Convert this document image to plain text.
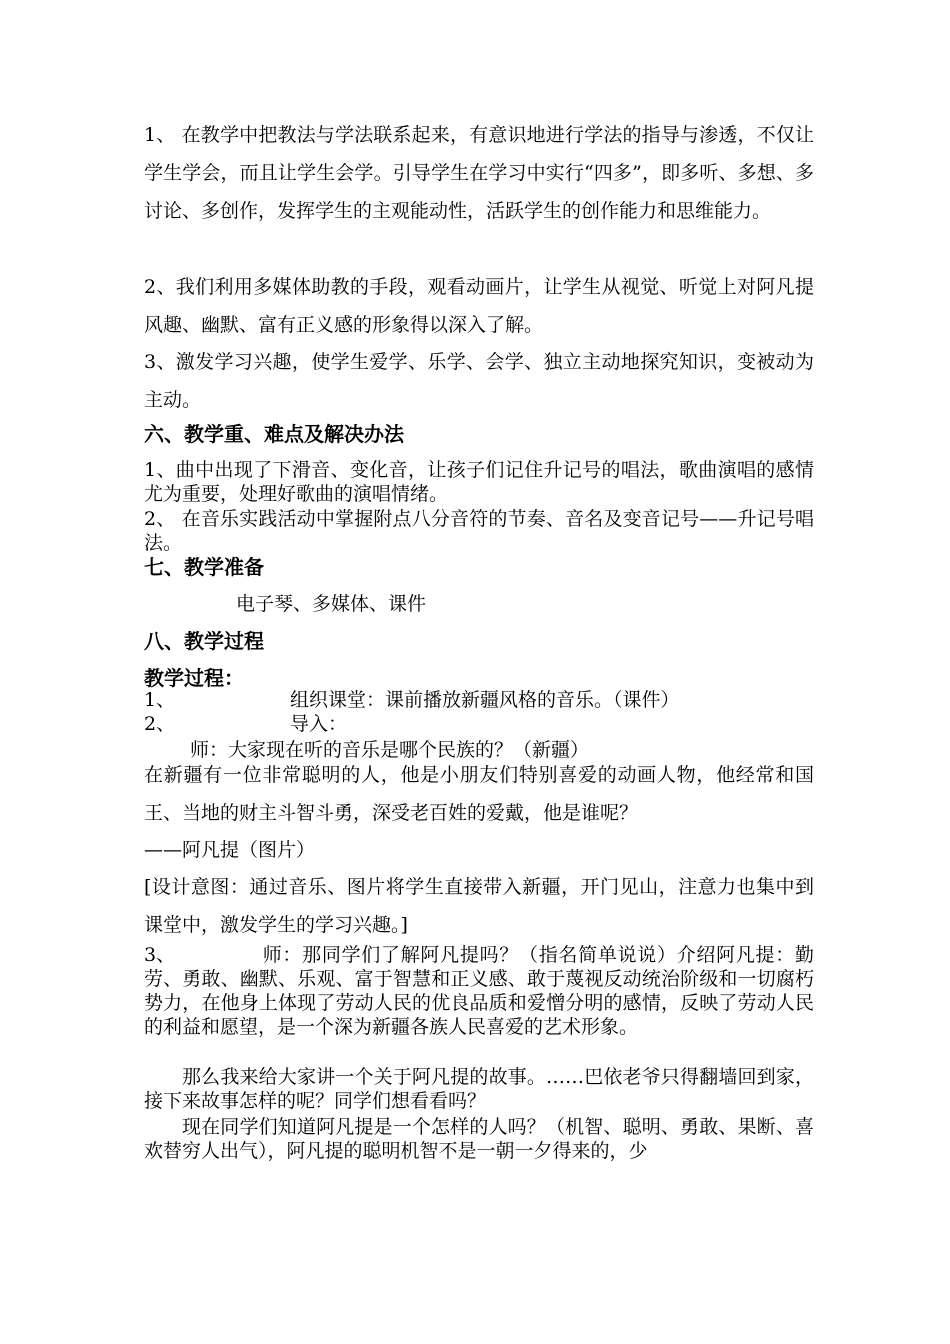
1、 在教学中把教法与学法联系起来，有意识地进行学法的指导与渗透，不仅让学生学会，而且让学生会学。引导学生在学习中实行“四多”，即多听、多想、多讨论、多创作，发挥学生的主观能动性，活跃学生的创作能力和思维能力。

2、我们利用多媒体助教的手段，观看动画片，让学生从视觉、听觉上对阿凡提风趣、幽默、富有正义感的形象得以深入了解。

3、激发学习兴趣，使学生爱学、乐学、会学、独立主动地探究知识，变被动为主动。

六、教学重、难点及解决办法

1、曲中出现了下滑音、变化音，让孩子们记住升记号的唱法，歌曲演唱的感情尤为重要，处理好歌曲的演唱情绪。

2、 在音乐实践活动中掌握附点八分音符的节奏、音名及变音记号——升记号唱法。

七、教学准备

电子琴、多媒体、课件

八、教学过程
教学过程：

1、	组织课堂：课前播放新疆风格的音乐。（课件）

2、	导入：

师：大家现在听的音乐是哪个民族的？（新疆）

在新疆有一位非常聪明的人，他是小朋友们特别喜爱的动画人物，他经常和国王、当地的财主斗智斗勇，深受老百姓的爱戴，他是谁呢？

——阿凡提（图片）

[设计意图：通过音乐、图片将学生直接带入新疆，开门见山，注意力也集中到课堂中，激发学生的学习兴趣。]

3、	师：那同学们了解阿凡提吗？（指名简单说说）介绍阿凡提：勤劳、勇敢、幽默、乐观、富于智慧和正义感、敢于蔑视反动统治阶级和一切腐朽势力，在他身上体现了劳动人民的优良品质和爱憎分明的感情，反映了劳动人民的利益和愿望，是一个深为新疆各族人民喜爱的艺术形象。

那么我来给大家讲一个关于阿凡提的故事。……巴依老爷只得翻墙回到家，接下来故事怎样的呢？同学们想看看吗？

现在同学们知道阿凡提是一个怎样的人吗？（机智、聪明、勇敢、果断、喜欢替穷人出气），阿凡提的聪明机智不是一朝一夕得来的，少
